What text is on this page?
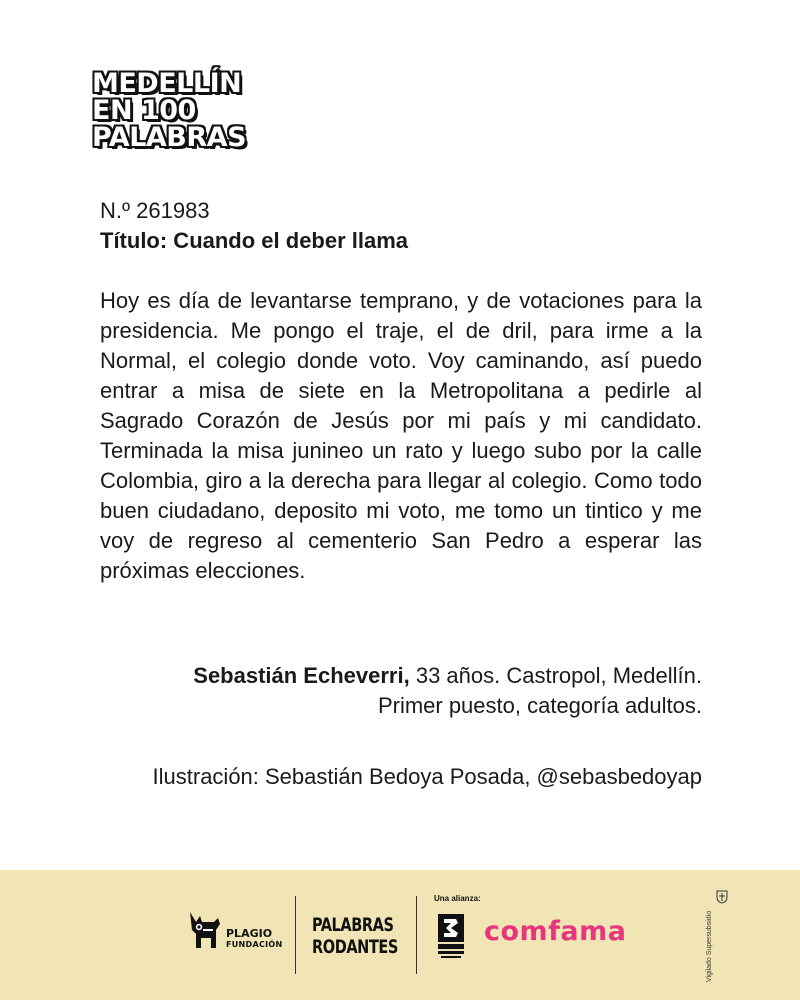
MEDELLÍN
EN 100
PALABRAS
N.º 261983
Título: Cuando el deber llama
Hoy es día de levantarse temprano, y de votaciones para la presidencia. Me pongo el traje, el de dril, para irme a la Normal, el colegio donde voto. Voy caminando, así puedo entrar a misa de siete en la Metropolitana a pedirle al Sagrado Corazón de Jesús por mi país y mi candidato. Terminada la misa junineo un rato y luego subo por la calle Colombia, giro a la derecha para llegar al colegio. Como todo buen ciudadano, deposito mi voto, me tomo un tintico y me voy de regreso al cementerio San Pedro a esperar las próximas elecciones.
Sebastián Echeverri, 33 años. Castropol, Medellín.
Primer puesto, categoría adultos.
Ilustración: Sebastián Bedoya Posada, @sebasbedoyap
PLAGIO
FUNDACIÓN
PALABRAS
RODANTES
Una alianza:
comfama	Vigilado Supersubsidio
